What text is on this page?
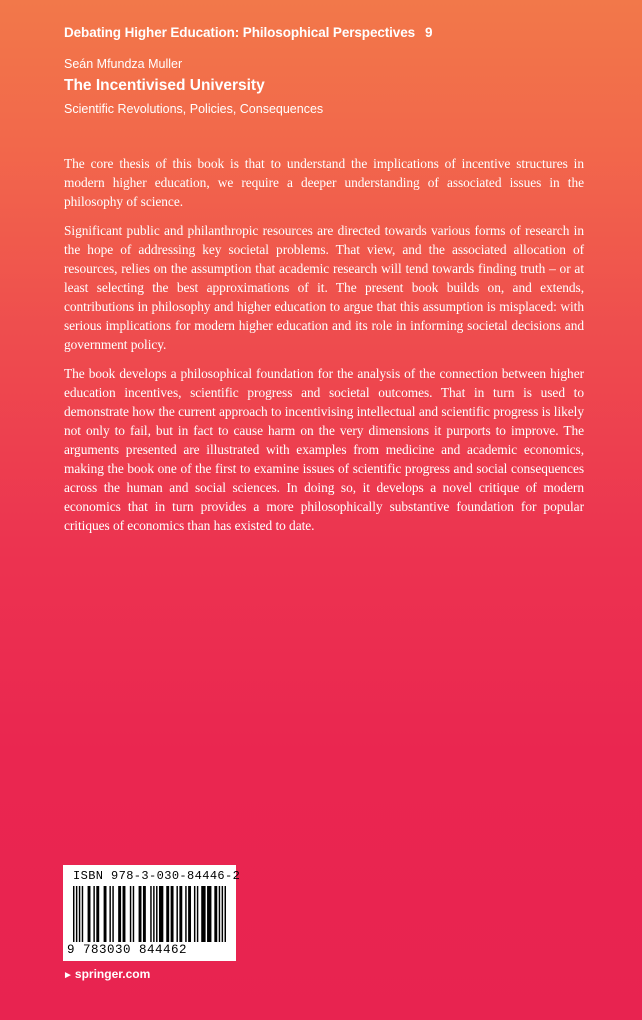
Debating Higher Education: Philosophical Perspectives 9
Seán Mfundza Muller
The Incentivised University
Scientific Revolutions, Policies, Consequences

The core thesis of this book is that to understand the implications of incentive structures in modern higher education, we require a deeper understanding of associated issues in the philosophy of science.

Significant public and philanthropic resources are directed towards various forms of research in the hope of addressing key societal problems. That view, and the associated allocation of resources, relies on the assumption that academic research will tend towards finding truth – or at least selecting the best approximations of it. The present book builds on, and extends, contributions in philosophy and higher education to argue that this assumption is misplaced: with serious implications for modern higher education and its role in informing societal decisions and government policy.

The book develops a philosophical foundation for the analysis of the connection between higher education incentives, scientific progress and societal outcomes. That in turn is used to demonstrate how the current approach to incentivising intellectual and scientific progress is likely not only to fail, but in fact to cause harm on the very dimensions it purports to improve. The arguments presented are illustrated with examples from medicine and academic economics, making the book one of the first to examine issues of scientific progress and social consequences across the human and social sciences. In doing so, it develops a novel critique of modern economics that in turn provides a more philosophically substantive foundation for popular critiques of economics than has existed to date.

ISBN 978-3-030-84446-2
9 783030 844462
► springer.com
